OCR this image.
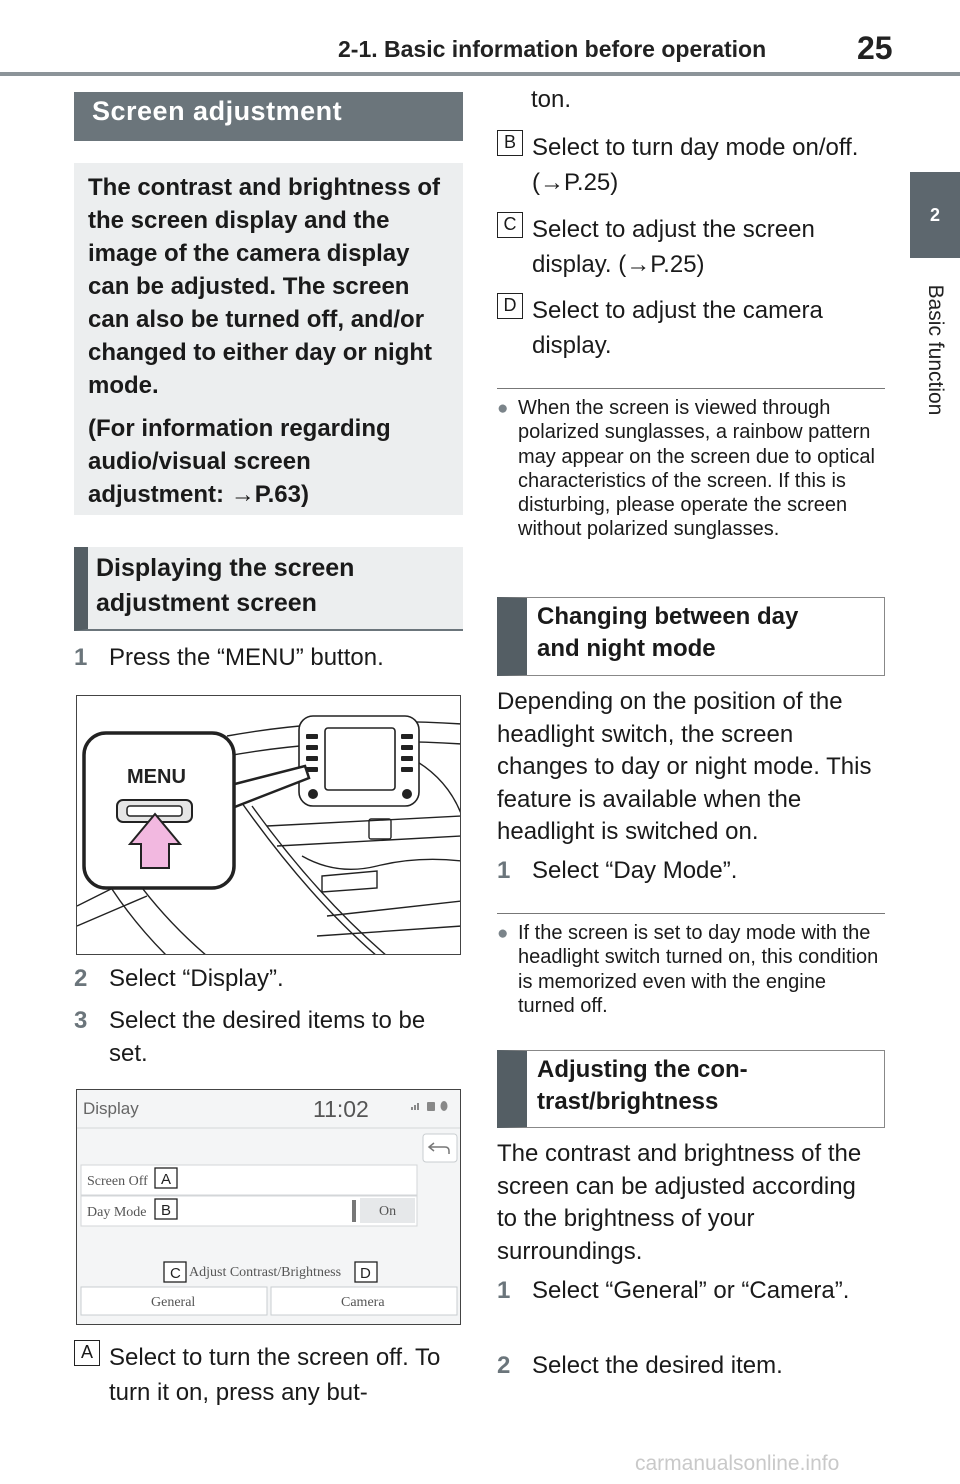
2-1. Basic information before operation	25
2
Basic function
Screen adjustment

The contrast and brightness of the screen display and the image of the camera display can be adjusted. The screen can also be turned off, and/or changed to either day or night mode.

(For information regarding audio/visual screen adjustment: →P.63)

Displaying the screen
adjustment screen
1 Press the “MENU” button.
MENU
2 Select “Display”.
3 Select the desired items to be set.
Display	11:02
Screen Off
Day Mode	On
A
B
C Adjust Contrast/Brightness D
General	Camera
A Select to turn the screen off. To turn it on, press any but-
ton.
B Select to turn day mode on/off. (→P.25)
C Select to adjust the screen display. (→P.25)
D Select to adjust the camera display.
● When the screen is viewed through polarized sunglasses, a rainbow pattern may appear on the screen due to optical characteristics of the screen. If this is disturbing, please operate the screen without polarized sunglasses.
Changing between day
and night mode
Depending on the position of the headlight switch, the screen changes to day or night mode. This feature is available when the headlight is switched on.
1 Select “Day Mode”.
● If the screen is set to day mode with the headlight switch turned on, this condition is memorized even with the engine turned off.
Adjusting the con-
trast/brightness
The contrast and brightness of the screen can be adjusted according to the brightness of your surroundings.
1 Select “General” or “Camera”.
2 Select the desired item.
carmanualsonline.info
